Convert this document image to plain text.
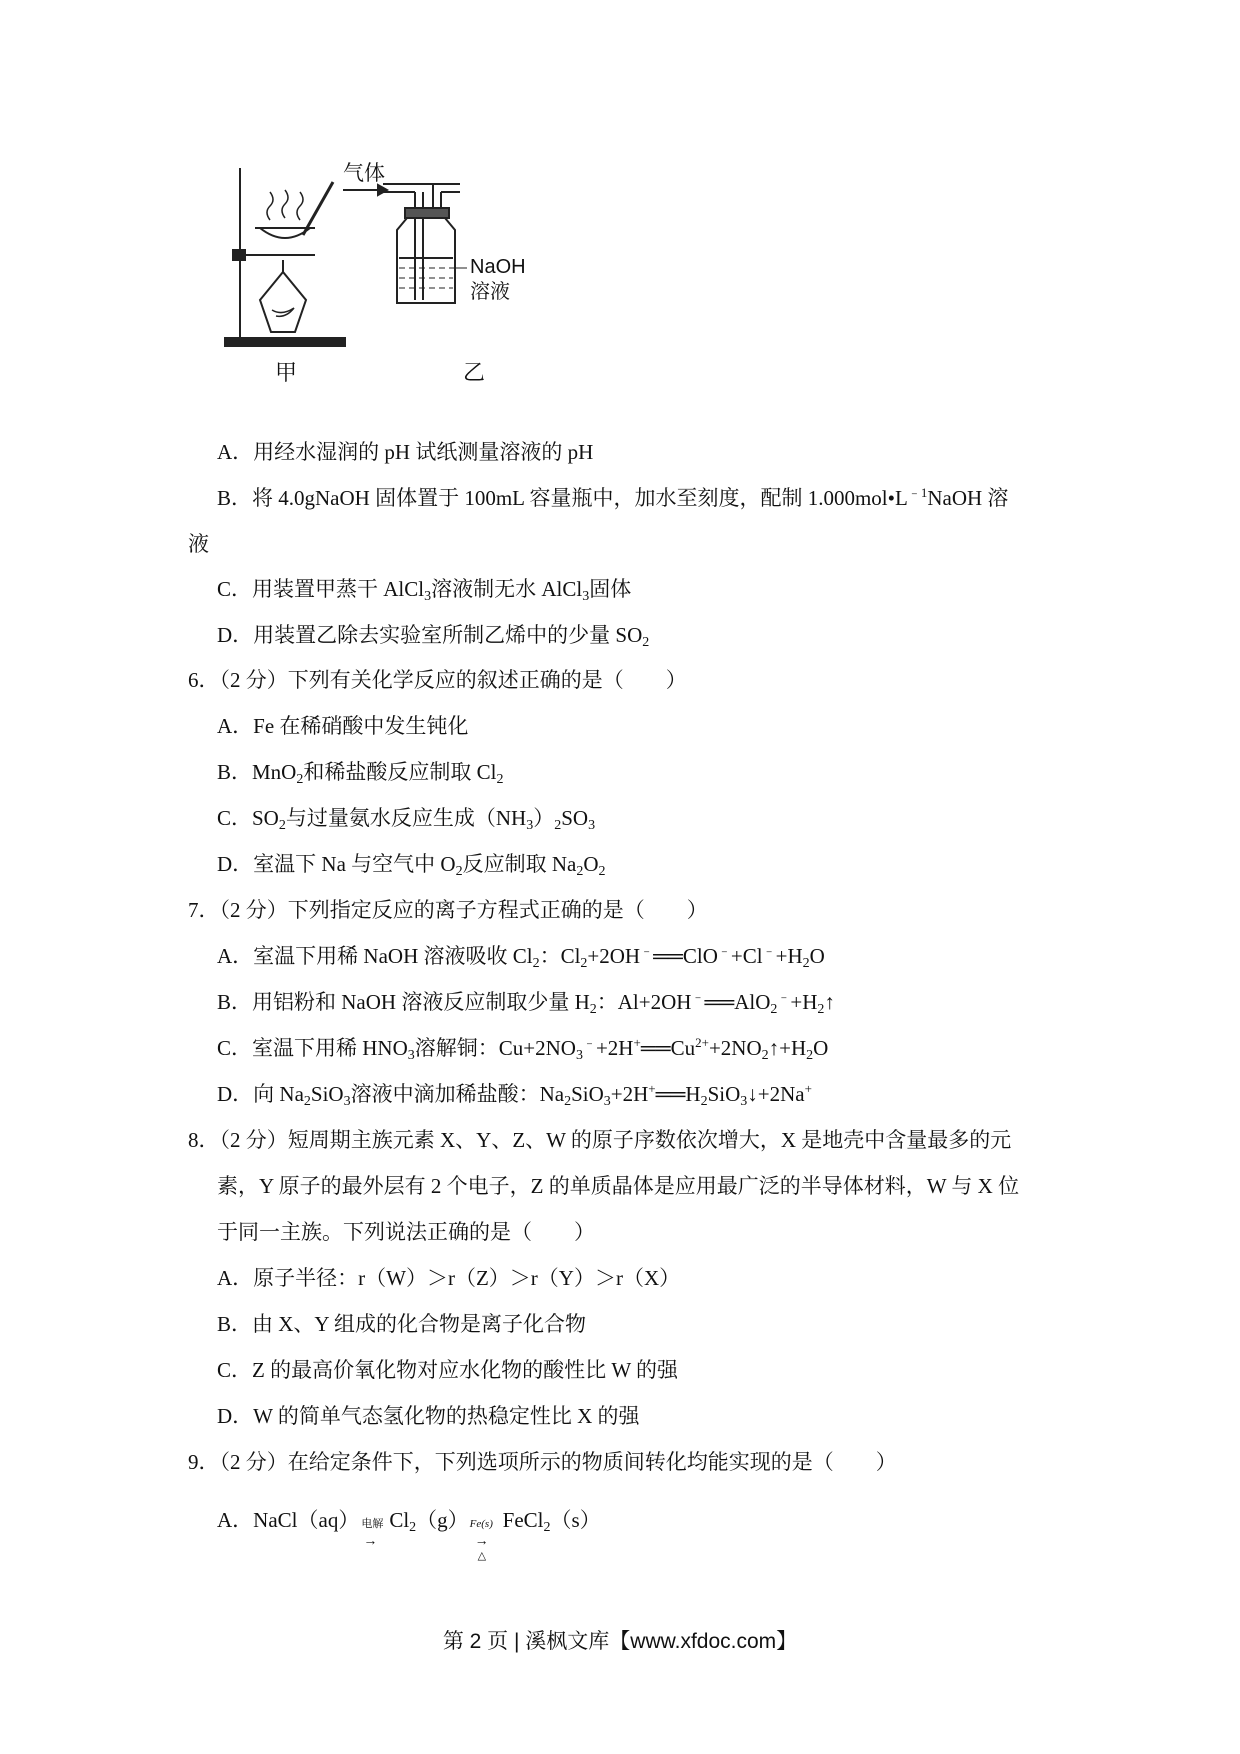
气体
NaOH
溶液
甲	乙
A．用经水湿润的 pH 试纸测量溶液的 pH
B．将 4.0gNaOH 固体置于 100mL 容量瓶中，加水至刻度，配制 $1.000mol•L^{﹣1}NaOH$ 溶
液
C．用装置甲蒸干 AlCl$_3$溶液制无水 AlCl$_3$固体
D．用装置乙除去实验室所制乙烯中的少量 $SO_2$
6．（2 分）下列有关化学反应的叙述正确的是（　　）
A．Fe 在稀硝酸中发生钝化
B．MnO$_2$和稀盐酸反应制取 $Cl_2$
C．$SO_2$与过量氨水反应生成$(NH_3)_2SO_3$
D．室温下 Na 与空气中 $O_2$反应制取 $Na_2O_2$
7．（2 分）下列指定反应的离子方程式正确的是（　　）
A．室温下用稀 NaOH 溶液吸收 $Cl_2$：$Cl_2+2OH^﹣══ClO^﹣+Cl^﹣+H_2O$
B．用铝粉和 NaOH 溶液反应制取少量 $H_2$：$Al+2OH^﹣══AlO_2^﹣+H_2↑$
C．室温下用稀 $HNO_3$溶解铜：$Cu+2NO_3^﹣+2H^+══Cu^{2+}+2NO_2↑+H_2O$
D．向 $Na_2SiO_3$溶液中滴加稀盐酸：$Na_2SiO_3+2H^+══H_2SiO_3↓+2Na^+$
8．（2 分）短周期主族元素 X、Y、Z、W 的原子序数依次增大，X 是地壳中含量最多的元
素，Y 原子的最外层有 2 个电子，Z 的单质晶体是应用最广泛的半导体材料，W 与 X 位
于同一主族。下列说法正确的是（　　）
A．原子半径：r（W）＞r（Z）＞r（Y）＞r（X）
B．由 X、Y 组成的化合物是离子化合物
C．Z 的最高价氧化物对应水化物的酸性比 W 的强
D．W 的简单气态氢化物的热稳定性比 X 的强
9．（2 分）在给定条件下，下列选项所示的物质间转化均能实现的是（　　）
A．NaCl（aq） 电解
→
$Cl_2(g)$ Fe(s)
→
△
FeCl$_2$（s）
第 2 页 | 溪枫文库【www.xfdoc.com】
